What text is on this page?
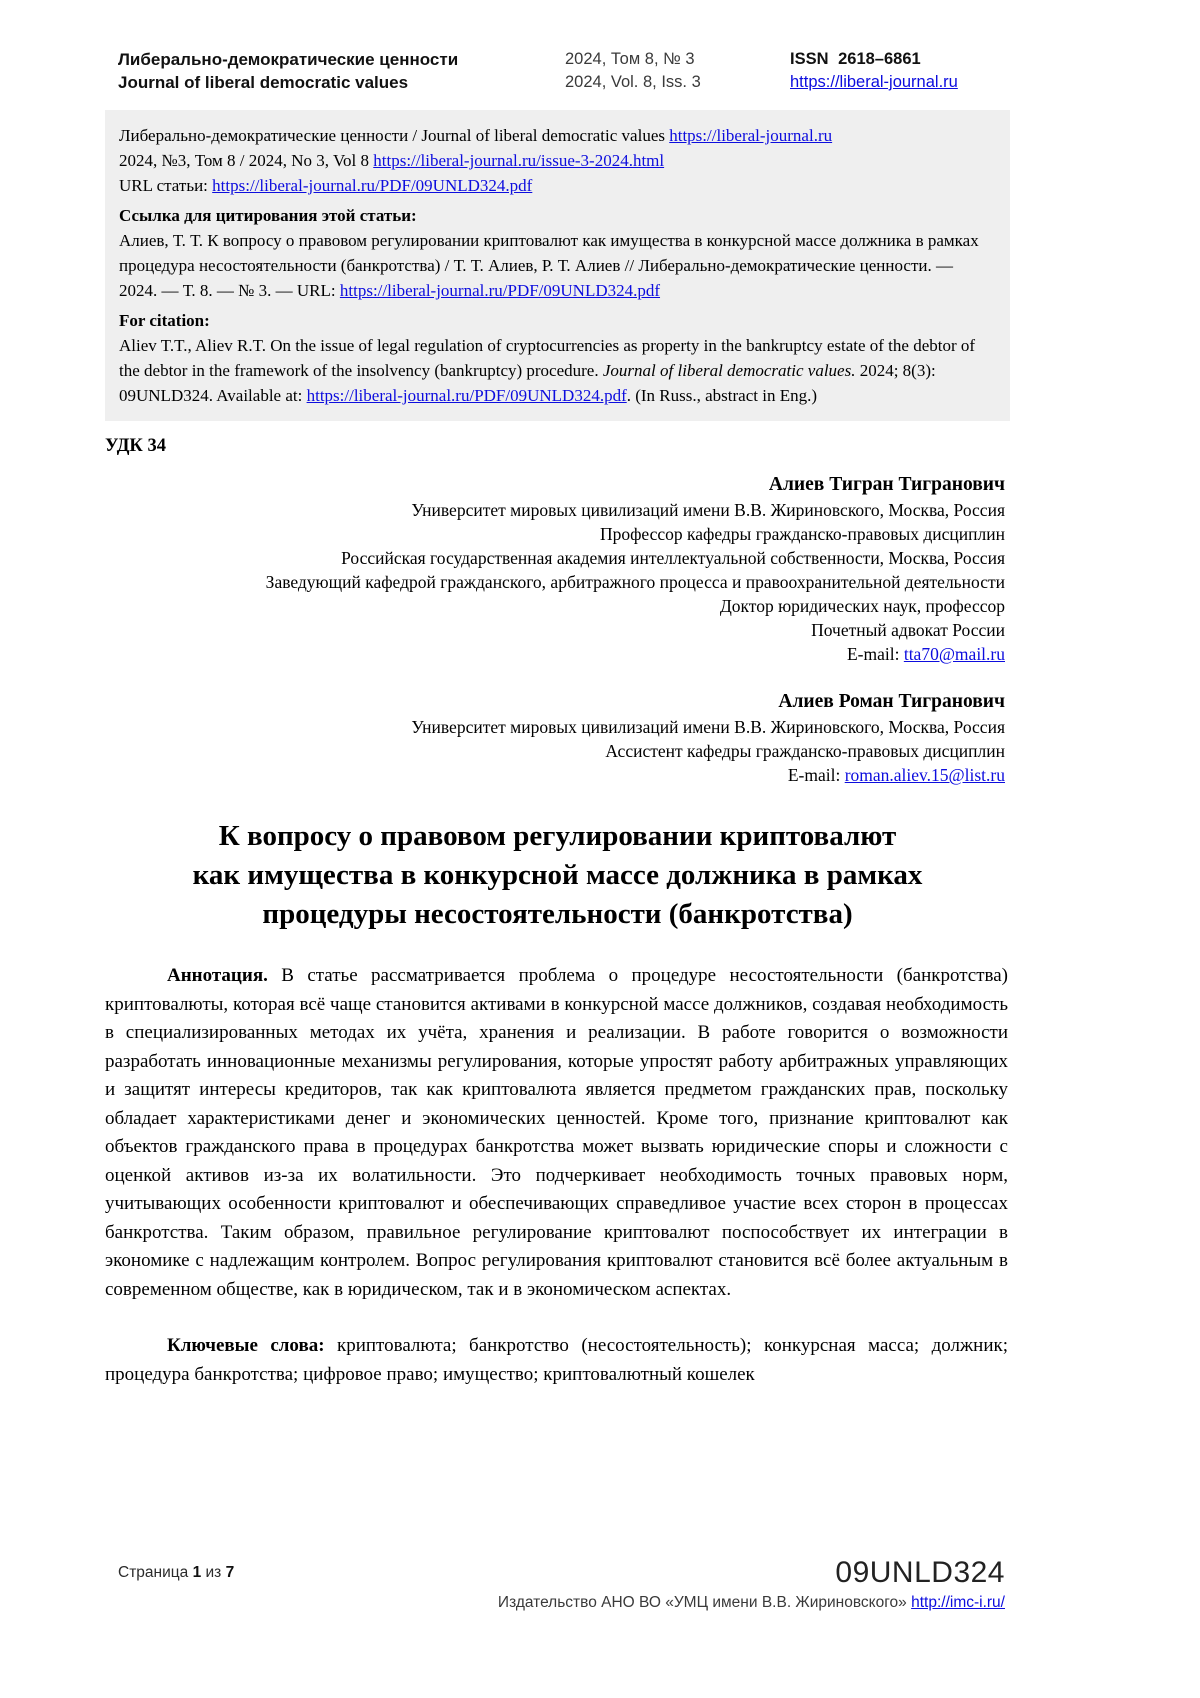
Либерально-демократические ценности
Journal of liberal democratic values
2024, Том 8, № 3
2024, Vol. 8, Iss. 3
ISSN 2618–6861
https://liberal-journal.ru

Либерально-демократические ценности / Journal of liberal democratic values https://liberal-journal.ru

2024, №3, Том 8 / 2024, No 3, Vol 8 https://liberal-journal.ru/issue-3-2024.html

URL статьи: https://liberal-journal.ru/PDF/09UNLD324.pdf

Ссылка для цитирования этой статьи:

Алиев, Т. Т. К вопросу о правовом регулировании криптовалют как имущества в конкурсной массе должника в рамках процедура несостоятельности (банкротства) / Т. Т. Алиев, Р. Т. Алиев // Либерально-демократические ценности. — 2024. — Т. 8. — № 3. — URL: https://liberal-journal.ru/PDF/09UNLD324.pdf

For citation:

Aliev T.T., Aliev R.T. On the issue of legal regulation of cryptocurrencies as property in the bankruptcy estate of the debtor of the debtor in the framework of the insolvency (bankruptcy) procedure. Journal of liberal democratic values. 2024; 8(3): 09UNLD324. Available at: https://liberal-journal.ru/PDF/09UNLD324.pdf. (In Russ., abstract in Eng.)

УДК 34
Алиев Тигран Тигранович
Университет мировых цивилизаций имени В.В. Жириновского, Москва, Россия
Профессор кафедры гражданско-правовых дисциплин
Российская государственная академия интеллектуальной собственности, Москва, Россия
Заведующий кафедрой гражданского, арбитражного процесса и правоохранительной деятельности
Доктор юридических наук, профессор
Почетный адвокат России
E-mail: tta70@mail.ru
Алиев Роман Тигранович
Университет мировых цивилизаций имени В.В. Жириновского, Москва, Россия
Ассистент кафедры гражданско-правовых дисциплин
E-mail: roman.aliev.15@list.ru
К вопросу о правовом регулировании криптовалют
как имущества в конкурсной массе должника в рамках
процедуры несостоятельности (банкротства)

Аннотация. В статье рассматривается проблема о процедуре несостоятельности (банкротства) криптовалюты, которая всё чаще становится активами в конкурсной массе должников, создавая необходимость в специализированных методах их учёта, хранения и реализации. В работе говорится о возможности разработать инновационные механизмы регулирования, которые упростят работу арбитражных управляющих и защитят интересы кредиторов, так как криптовалюта является предметом гражданских прав, поскольку обладает характеристиками денег и экономических ценностей. Кроме того, признание криптовалют как объектов гражданского права в процедурах банкротства может вызвать юридические споры и сложности с оценкой активов из-за их волатильности. Это подчеркивает необходимость точных правовых норм, учитывающих особенности криптовалют и обеспечивающих справедливое участие всех сторон в процессах банкротства. Таким образом, правильное регулирование криптовалют поспособствует их интеграции в экономике с надлежащим контролем. Вопрос регулирования криптовалют становится всё более актуальным в современном обществе, как в юридическом, так и в экономическом аспектах.

Ключевые слова: криптовалюта; банкротство (несостоятельность); конкурсная масса; должник; процедура банкротства; цифровое право; имущество; криптовалютный кошелек

Страница 1 из 7	09UNLD324
Издательство АНО ВО «УМЦ имени В.В. Жириновского» http://imc-i.ru/
